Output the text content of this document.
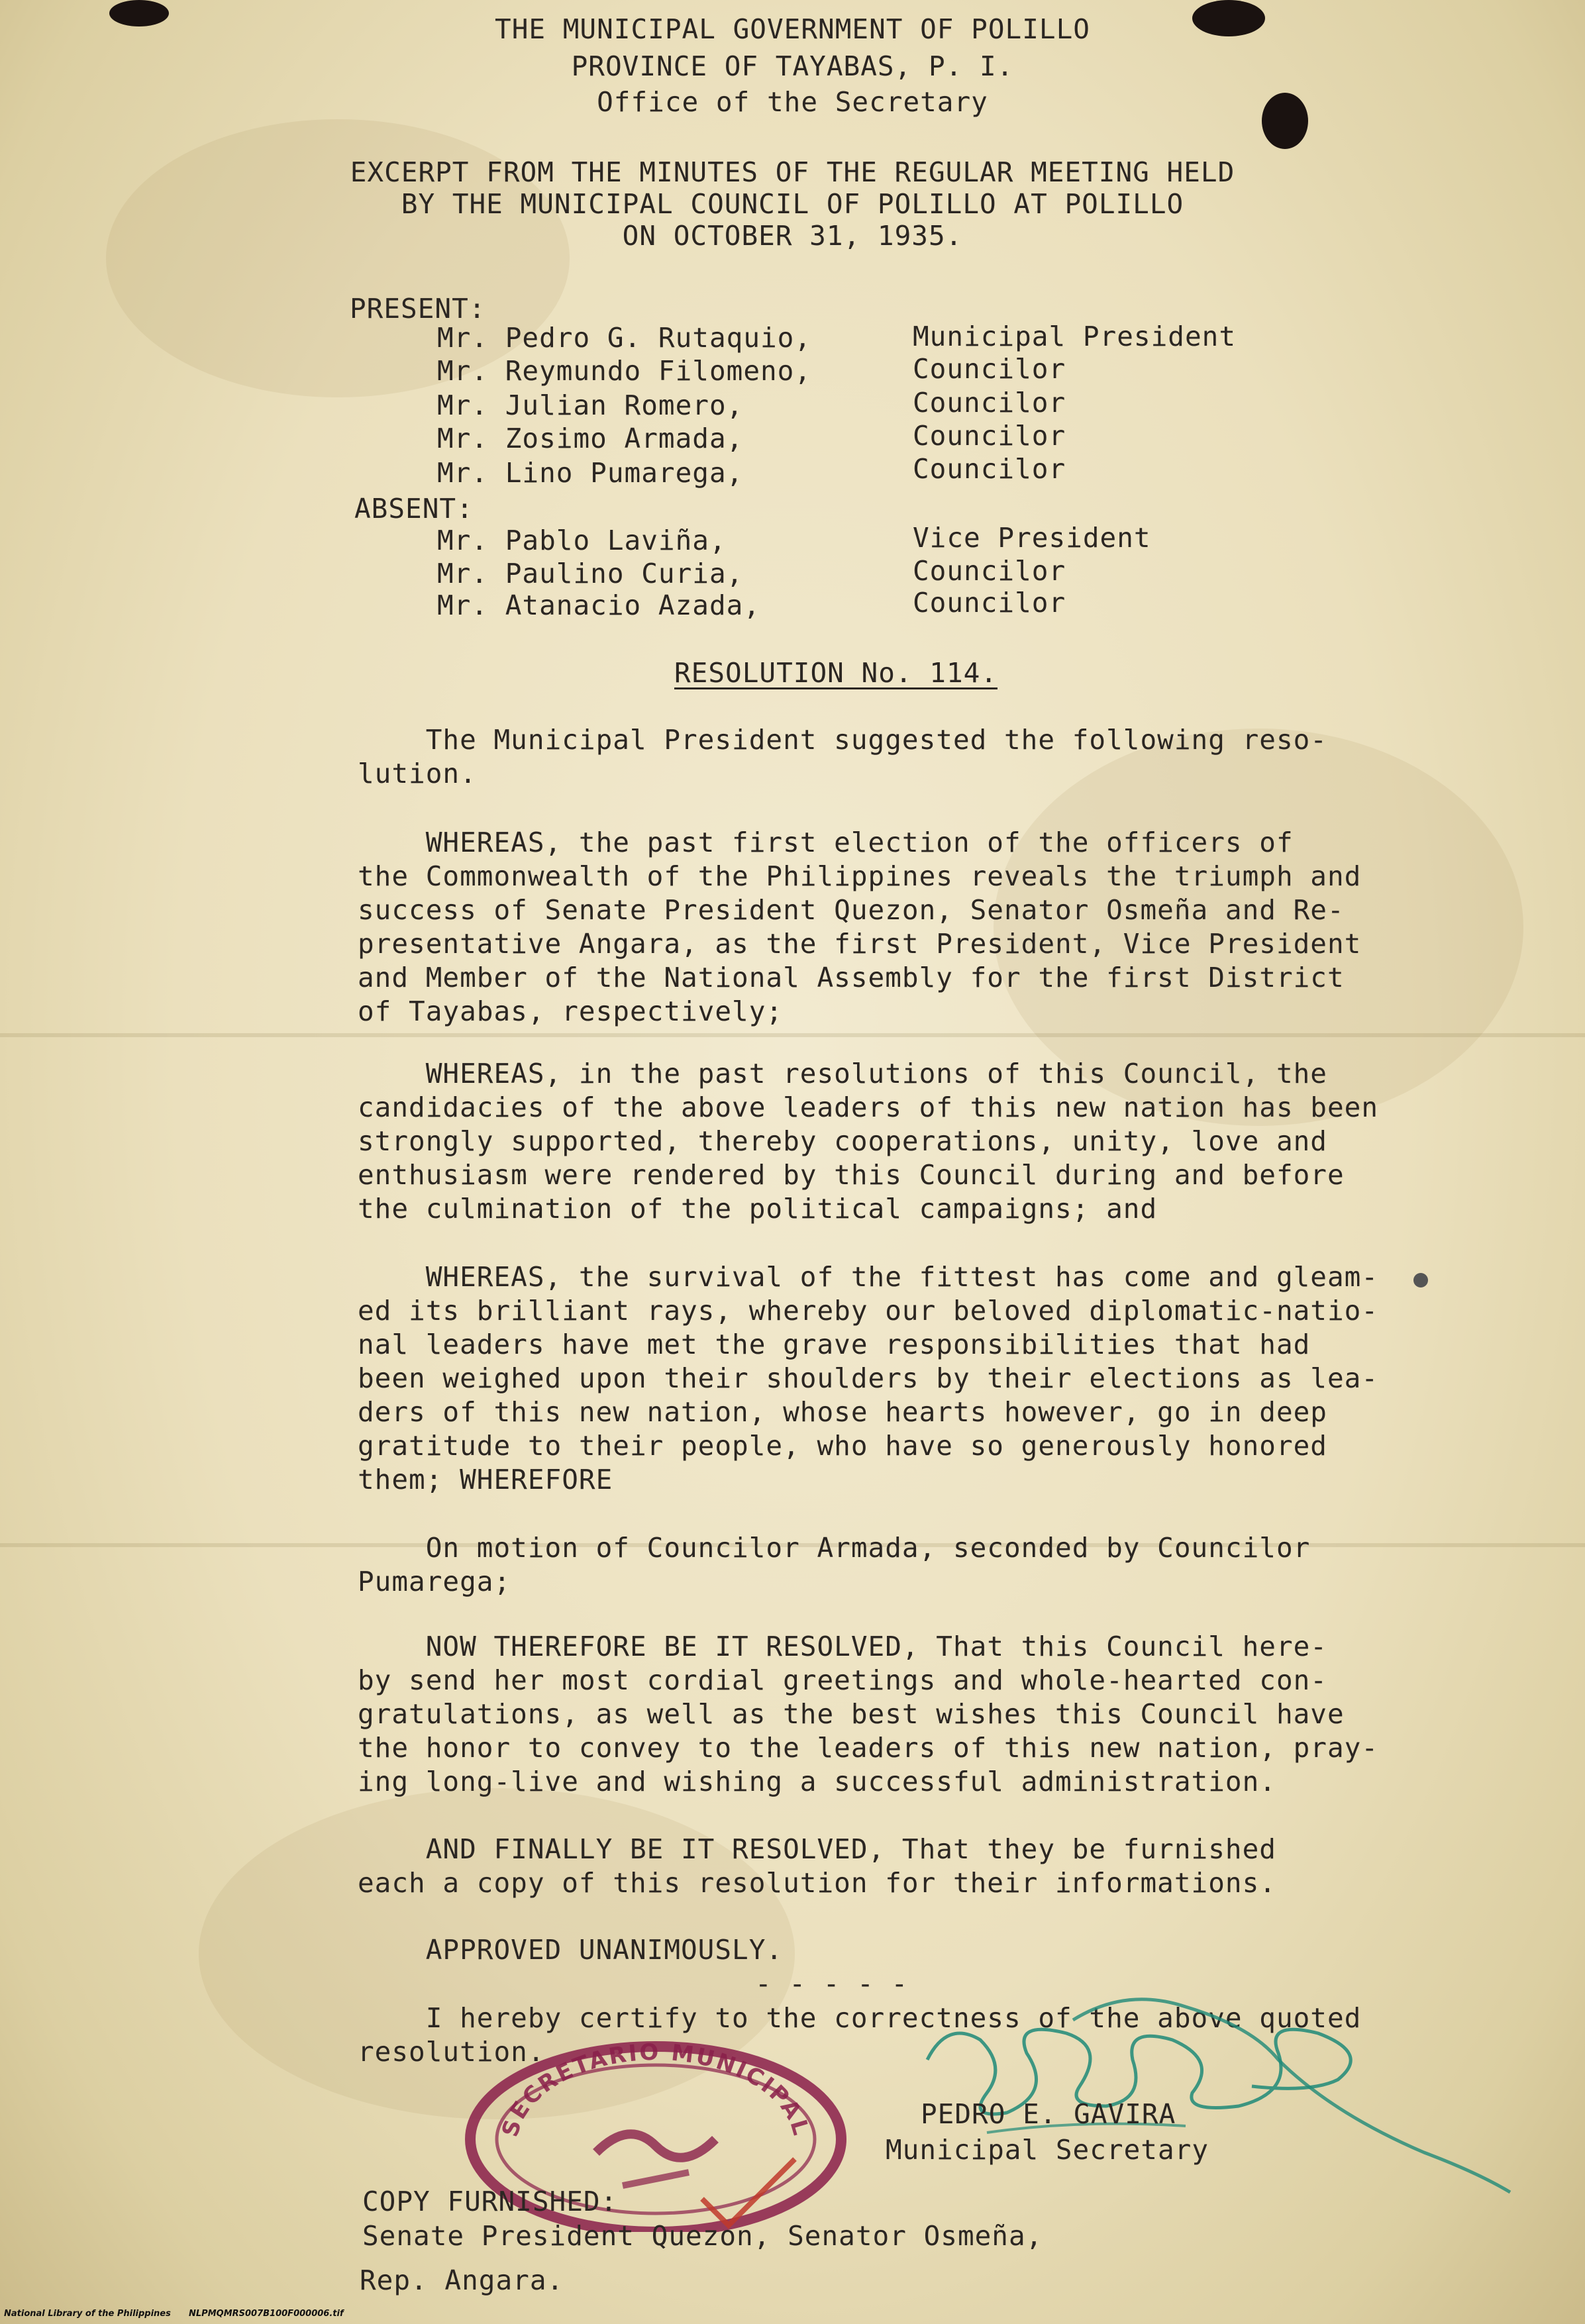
THE MUNICIPAL GOVERNMENT OF POLILLO
PROVINCE OF TAYABAS, P. I.
Office of the Secretary
EXCERPT FROM THE MINUTES OF THE REGULAR MEETING HELD
BY THE MUNICIPAL COUNCIL OF POLILLO AT POLILLO
ON OCTOBER 31, 1935.
PRESENT:
Mr. Pedro G. Rutaquio,	Municipal President
Mr. Reymundo Filomeno,	Councilor
Mr. Julian Romero,	Councilor
Mr. Zosimo Armada,	Councilor
Mr. Lino Pumarega,	Councilor
ABSENT:
Mr. Pablo Laviña,	Vice President
Mr. Paulino Curia,	Councilor
Mr. Atanacio Azada,	Councilor
RESOLUTION No. 114.
The Municipal President suggested the following reso-
lution.
WHEREAS, the past first election of the officers of
the Commonwealth of the Philippines reveals the triumph and
success of Senate President Quezon, Senator Osmeña and Re-
presentative Angara, as the first President, Vice President
and Member of the National Assembly for the first District
of Tayabas, respectively;
WHEREAS, in the past resolutions of this Council, the
candidacies of the above leaders of this new nation has been
strongly supported, thereby cooperations, unity, love and
enthusiasm were rendered by this Council during and before
the culmination of the political campaigns; and
WHEREAS, the survival of the fittest has come and gleam-
ed its brilliant rays, whereby our beloved diplomatic-natio-
nal leaders have met the grave responsibilities that had
been weighed upon their shoulders by their elections as lea-
ders of this new nation, whose hearts however, go in deep
gratitude to their people, who have so generously honored
them; WHEREFORE
On motion of Councilor Armada, seconded by Councilor
Pumarega;
NOW THEREFORE BE IT RESOLVED, That this Council here-
by send her most cordial greetings and whole-hearted con-
gratulations, as well as the best wishes this Council have
the honor to convey to the leaders of this new nation, pray-
ing long-live and wishing a successful administration.
AND FINALLY BE IT RESOLVED, That they be furnished
each a copy of this resolution for their informations.
APPROVED UNANIMOUSLY.
- - - - -
I hereby certify to the correctness of the above quoted
resolution.
SECRETARIO MUNICIPAL	PEDRO E. GAVIRA
Municipal Secretary
COPY FURNISHED:
Senate President Quezon, Senator Osmeña,
Rep. Angara.
National Library of the Philippines NLPMQMRS007B100F000006.tif
